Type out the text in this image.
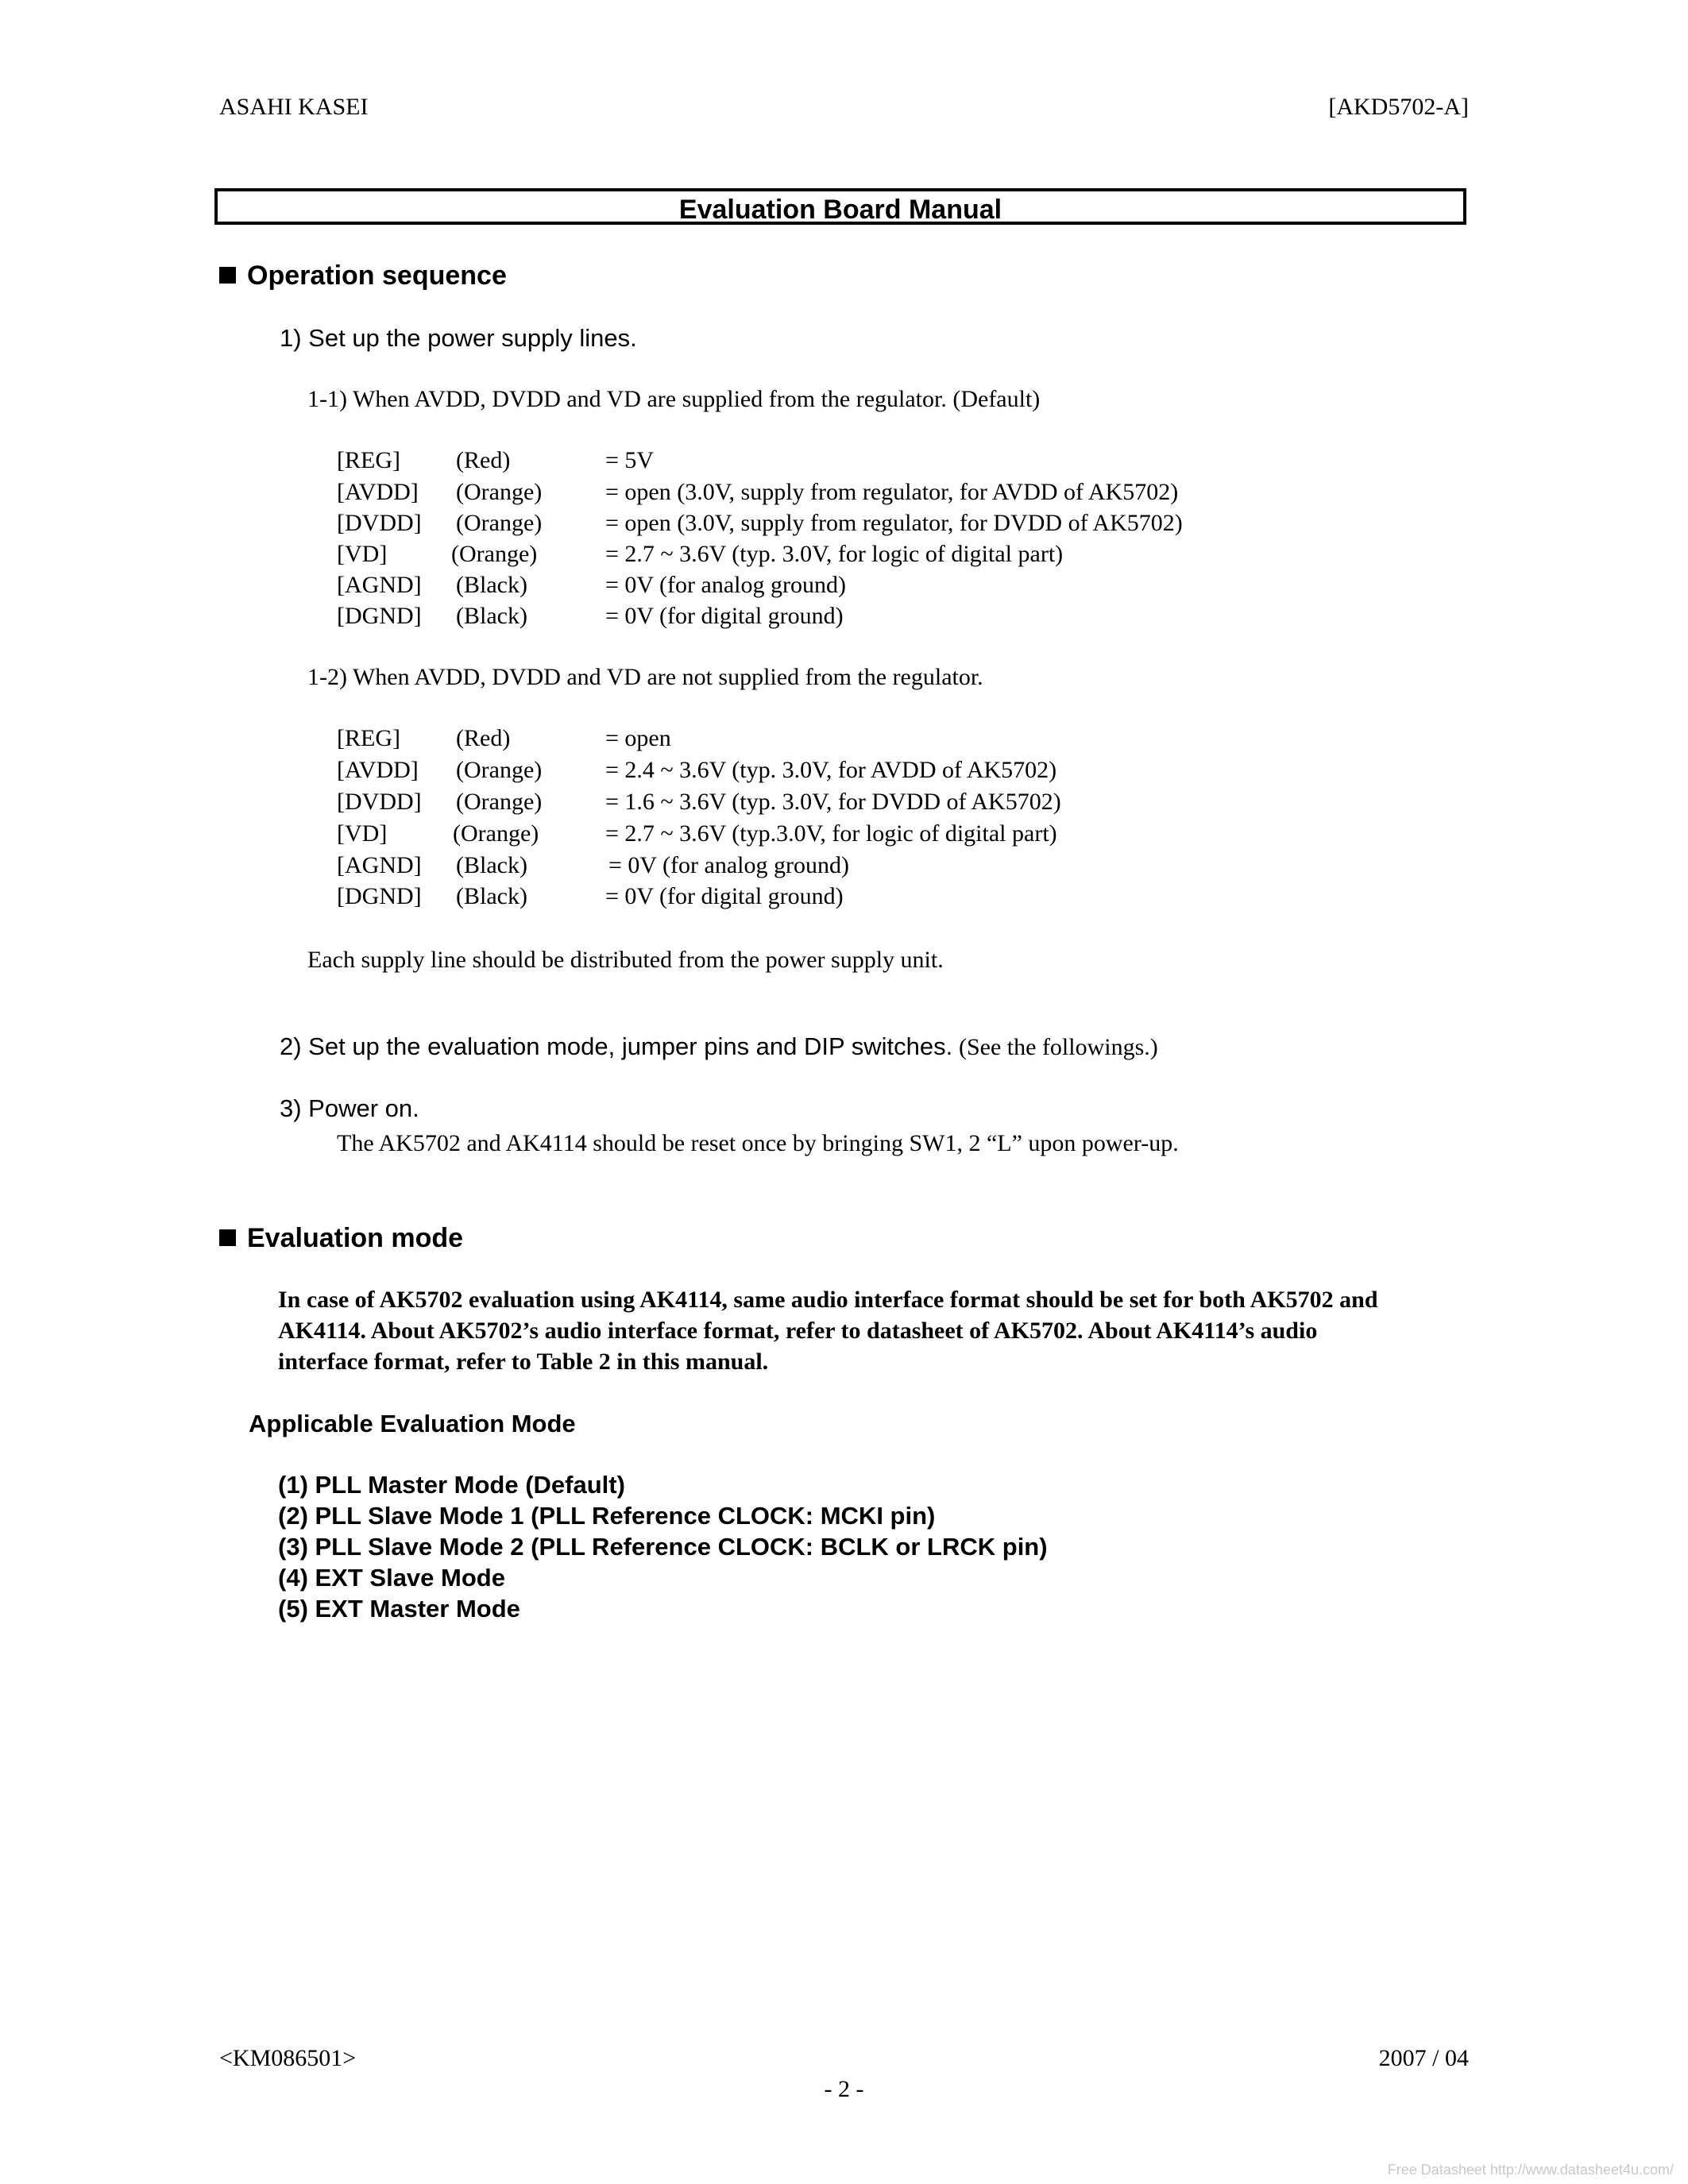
ASAHI KASEI	[AKD5702-A]
Evaluation Board Manual
Operation sequence
1) Set up the power supply lines.
1-1) When AVDD, DVDD and VD are supplied from the regulator. (Default)
[REG] (Red)	= 5V
[AVDD] (Orange)	= open (3.0V, supply from regulator, for AVDD of AK5702)
[DVDD] (Orange)	= open (3.0V, supply from regulator, for DVDD of AK5702)
[VD]	(Orange)	= 2.7 ~ 3.6V (typ. 3.0V, for logic of digital part)
[AGND] (Black)	= 0V (for analog ground)
[DGND] (Black)	= 0V (for digital ground)
1-2) When AVDD, DVDD and VD are not supplied from the regulator.
[REG] (Red)	= open
[AVDD] (Orange)	= 2.4 ~ 3.6V (typ. 3.0V, for AVDD of AK5702)
[DVDD] (Orange)	= 1.6 ~ 3.6V (typ. 3.0V, for DVDD of AK5702)
[VD]	(Orange)	= 2.7 ~ 3.6V (typ.3.0V, for logic of digital part)
[AGND] (Black)	= 0V (for analog ground)
[DGND] (Black)	= 0V (for digital ground)
Each supply line should be distributed from the power supply unit.
2) Set up the evaluation mode, jumper pins and DIP switches. (See the followings.)
3) Power on.
The AK5702 and AK4114 should be reset once by bringing SW1, 2 “L” upon power-up.
Evaluation mode
In case of AK5702 evaluation using AK4114, same audio interface format should be set for both AK5702 and
AK4114. About AK5702’s audio interface format, refer to datasheet of AK5702. About AK4114’s audio
interface format, refer to Table 2 in this manual.
Applicable Evaluation Mode
(1) PLL Master Mode (Default)
(2) PLL Slave Mode 1 (PLL Reference CLOCK: MCKI pin)
(3) PLL Slave Mode 2 (PLL Reference CLOCK: BCLK or LRCK pin)
(4) EXT Slave Mode
(5) EXT Master Mode
<KM086501>	2007 / 04
- 2 -
Free Datasheet http://www.datasheet4u.com/
